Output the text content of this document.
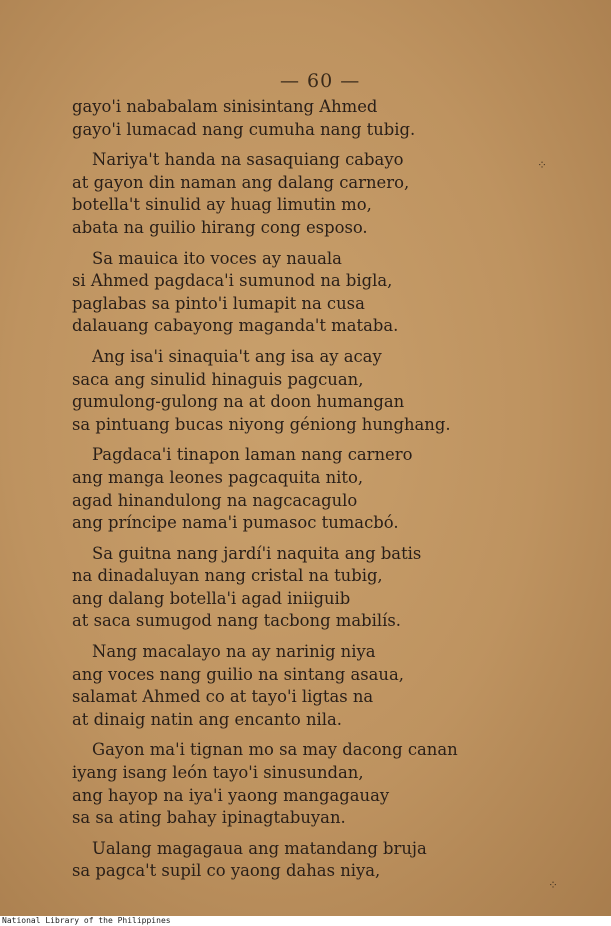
— 60 —
gayo'i nababalam sinisintang Ahmed
gayo'i lumacad nang cumuha nang tubig.
Nariya't handa na sasaquiang cabayo
at gayon din naman ang dalang carnero,
botella't sinulid ay huag limutin mo,
abata na guilio hirang cong esposo.
Sa mauica ito voces ay nauala
si Ahmed pagdaca'i sumunod na bigla,
paglabas sa pinto'i lumapit na cusa
dalauang cabayong maganda't mataba.
Ang isa'i sinaquia't ang isa ay acay
saca ang sinulid hinaguis pagcuan,
gumulong-gulong na at doon humangan
sa pintuang bucas niyong géniong hunghang.
Pagdaca'i tinapon laman nang carnero
ang manga leones pagcaquita nito,
agad hinandulong na nagcacagulo
ang príncipe nama'i pumasoc tumacbó.
Sa guitna nang jardí'i naquita ang batis
na dinadaluyan nang cristal na tubig,
ang dalang botella'i agad iniiguib
at saca sumugod nang tacbong mabilís.
Nang macalayo na ay narinig niya
ang voces nang guilio na sintang asaua,
salamat Ahmed co at tayo'i ligtas na
at dinaig natin ang encanto nila.
Gayon ma'i tignan mo sa may dacong canan
iyang isang león tayo'i sinusundan,
ang hayop na iya'i yaong mangagauay
sa sa ating bahay ipinagtabuyan.
Ualang magagaua ang matandang bruja
sa pagca't supil co yaong dahas niya,
⁘
⁘
National Library of the Philippines
